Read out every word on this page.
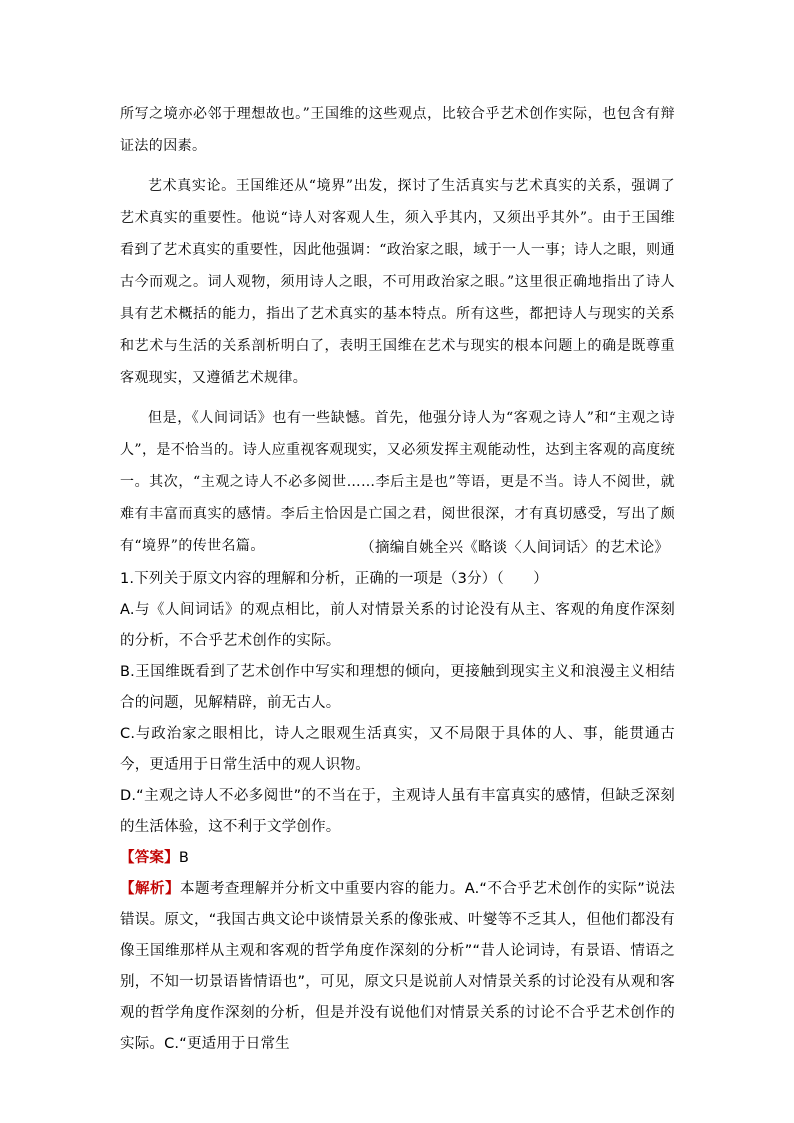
所写之境亦必邻于理想故也。”王国维的这些观点，比较合乎艺术创作实际，也包含有辩证法的因素。

艺术真实论。王国维还从“境界”出发，探讨了生活真实与艺术真实的关系，强调了艺术真实的重要性。他说“诗人对客观人生，须入乎其内，又须出乎其外”。由于王国维看到了艺术真实的重要性，因此他强调：“政治家之眼，域于一人一事；诗人之眼，则通古今而观之。词人观物，须用诗人之眼，不可用政治家之眼。”这里很正确地指出了诗人具有艺术概括的能力，指出了艺术真实的基本特点。所有这些，都把诗人与现实的关系和艺术与生活的关系剖析明白了，表明王国维在艺术与现实的根本问题上的确是既尊重客观现实，又遵循艺术规律。

但是，《人间词话》也有一些缺憾。首先，他强分诗人为“客观之诗人”和“主观之诗人”，是不恰当的。诗人应重视客观现实，又必须发挥主观能动性，达到主客观的高度统一。其次，“主观之诗人不必多阅世……李后主是也”等语，更是不当。诗人不阅世，就难有丰富而真实的感情。李后主恰因是亡国之君，阅世很深，才有真切感受，写出了颇有“境界”的传世名篇。	（摘编自姚全兴《略谈〈人间词话〉的艺术论》

1.下列关于原文内容的理解和分析，正确的一项是（3分）（　　）

A.与《人间词话》的观点相比，前人对情景关系的讨论没有从主、客观的角度作深刻的分析，不合乎艺术创作的实际。

B.王国维既看到了艺术创作中写实和理想的倾向，更接触到现实主义和浪漫主义相结合的问题，见解精辟，前无古人。

C.与政治家之眼相比，诗人之眼观生活真实，又不局限于具体的人、事，能贯通古今，更适用于日常生活中的观人识物。

D.“主观之诗人不必多阅世”的不当在于，主观诗人虽有丰富真实的感情，但缺乏深刻的生活体验，这不利于文学创作。

【答案】B

【解析】本题考查理解并分析文中重要内容的能力。A.“不合乎艺术创作的实际”说法错误。原文，“我国古典文论中谈情景关系的像张戒、叶燮等不乏其人，但他们都没有像王国维那样从主观和客观的哲学角度作深刻的分析”“昔人论词诗，有景语、情语之别，不知一切景语皆情语也”，可见，原文只是说前人对情景关系的讨论没有从观和客观的哲学角度作深刻的分析，但是并没有说他们对情景关系的讨论不合乎艺术创作的实际。C.“更适用于日常生
